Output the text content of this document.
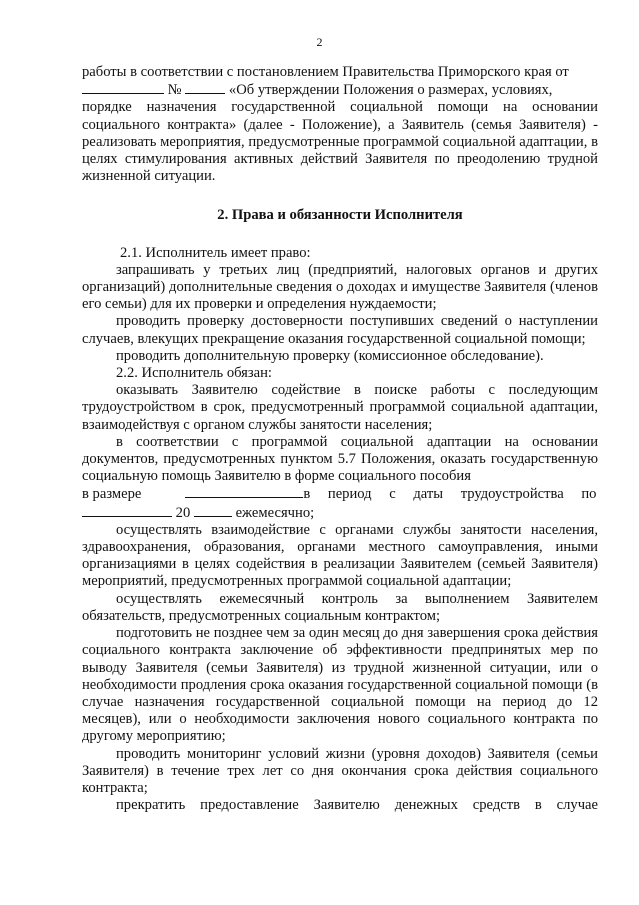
2

работы в соответствии с постановлением Правительства Приморского края от

№	«Об утверждении Положения о размерах, условиях,

порядке назначения государственной социальной помощи на основании социального контракта» (далее - Положение), а Заявитель (семья Заявителя) - реализовать мероприятия, предусмотренные программой социальной адаптации, в целях стимулирования активных действий Заявителя по преодолению трудной жизненной ситуации.

2. Права и обязанности Исполнителя

2.1. Исполнитель имеет право:

запрашивать у третьих лиц (предприятий, налоговых органов и других организаций) дополнительные сведения о доходах и имуществе Заявителя (членов его семьи) для их проверки и определения нуждаемости;

проводить проверку достоверности поступивших сведений о наступлении случаев, влекущих прекращение оказания государственной социальной помощи;

проводить дополнительную проверку (комиссионное обследование).

2.2. Исполнитель обязан:

оказывать Заявителю содействие в поиске работы с последующим трудоустройством в срок, предусмотренный программой социальной адаптации, взаимодействуя с органом службы занятости населения;

в соответствии с программой социальной адаптации на основании документов, предусмотренных пунктом 5.7 Положения, оказать государственную социальную помощь Заявителю в форме социального пособия

в размере	в период с даты трудоустройства по

20	ежемесячно;

осуществлять взаимодействие с органами службы занятости населения, здравоохранения, образования, органами местного самоуправления, иными организациями в целях содействия в реализации Заявителем (семьей Заявителя) мероприятий, предусмотренных программой социальной адаптации;

осуществлять ежемесячный контроль за выполнением Заявителем обязательств, предусмотренных социальным контрактом;

подготовить не позднее чем за один месяц до дня завершения срока действия социального контракта заключение об эффективности предпринятых мер по выводу Заявителя (семьи Заявителя) из трудной жизненной ситуации, или о необходимости продления срока оказания государственной социальной помощи (в случае назначения государственной социальной помощи на период до 12 месяцев), или о необходимости заключения нового социального контракта по другому мероприятию;

проводить мониторинг условий жизни (уровня доходов) Заявителя (семьи Заявителя) в течение трех лет со дня окончания срока действия социального контракта;

прекратить предоставление Заявителю денежных средств в случае
